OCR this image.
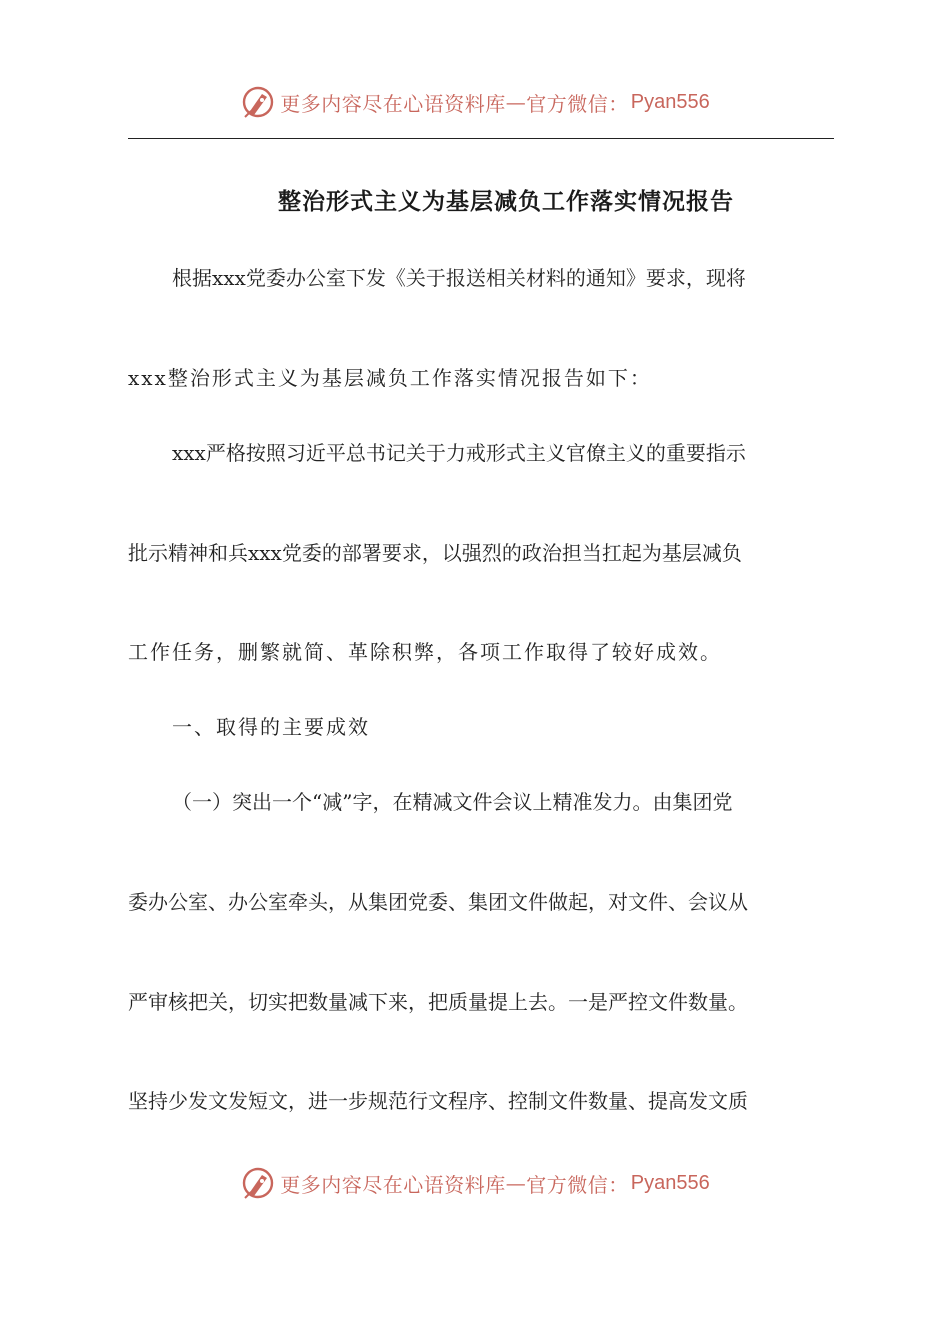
更多内容尽在心语资料库 — 官方微信： Pyan556
整治形式主义为基层减负工作落实情况报告

根据xxx党委办公室下发《关于报送相关材料的通知》要求，现将

xxx整治形式主义为基层减负工作落实情况报告如下：

xxx严格按照习近平总书记关于力戒形式主义官僚主义的重要指示

批示精神和兵xxx党委的部署要求，以强烈的政治担当扛起为基层减负

工作任务，删繁就简、革除积弊，各项工作取得了较好成效。

一、取得的主要成效

（一）突出一个“减”字，在精减文件会议上精准发力。由集团党

委办公室、办公室牵头，从集团党委、集团文件做起，对文件、会议从

严审核把关，切实把数量减下来，把质量提上去。一是严控文件数量。

坚持少发文发短文，进一步规范行文程序、控制文件数量、提高发文质

更多内容尽在心语资料库 — 官方微信： Pyan556
